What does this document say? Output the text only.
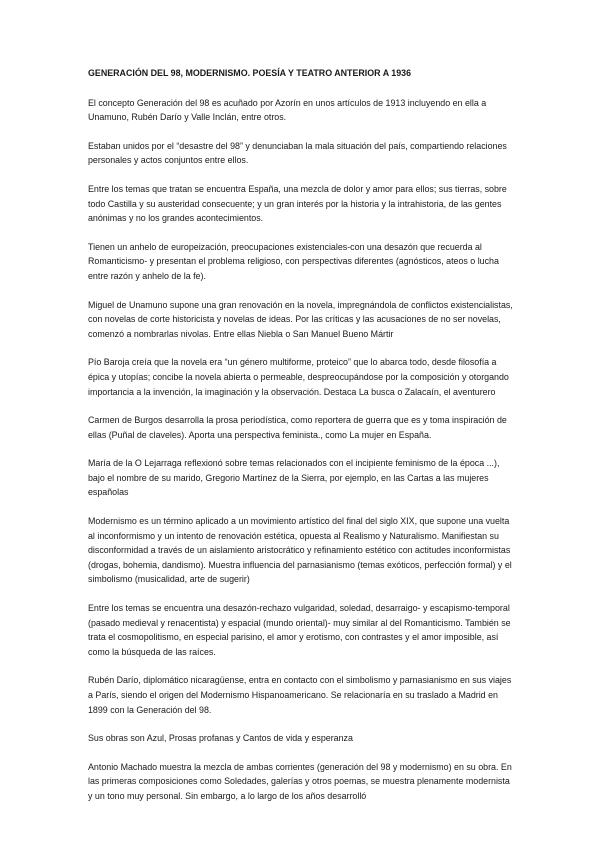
GENERACIÓN DEL 98, MODERNISMO. POESÍA Y TEATRO ANTERIOR A 1936

El concepto Generación del 98 es acuñado por Azorín en unos artículos de 1913 incluyendo en ella a Unamuno, Rubén Darío y Valle Inclán, entre otros.

Estaban unidos por el “desastre del 98” y denunciaban la mala situación del país, compartiendo relaciones personales y actos conjuntos entre ellos.

Entre los temas que tratan se encuentra España, una mezcla de dolor y amor para ellos; sus tierras, sobre todo Castilla y su austeridad consecuente; y un gran interés por la historia y la intrahistoria, de las gentes anónimas y no los grandes acontecimientos.

Tienen un anhelo de europeización, preocupaciones existenciales-con una desazón que recuerda al Romanticismo- y presentan el problema religioso, con perspectivas diferentes (agnósticos, ateos o lucha entre razón y anhelo de la fe).

Miguel de Unamuno supone una gran renovación en la novela, impregnándola de conflictos existencialistas, con novelas de corte historicista y novelas de ideas. Por las críticas y las acusaciones de no ser novelas, comenzó a nombrarlas nivolas. Entre ellas Niebla o San Manuel Bueno Mártir

Pío Baroja creía que la novela era “un género multiforme, proteico” que lo abarca todo, desde filosofía a épica y utopías; concibe la novela abierta o permeable, despreocupándose por la composición y otorgando importancia a la invención, la imaginación y la observación. Destaca La busca o Zalacaín, el aventurero

Carmen de Burgos desarrolla la prosa periodística, como reportera de guerra que es y toma inspiración de ellas (Puñal de claveles). Aporta una perspectiva feminista., como La mujer en España.

María de la O Lejarraga reflexionó sobre temas relacionados con el incipiente feminismo de la época ...), bajo el nombre de su marido, Gregorio Martínez de la Sierra, por ejemplo, en las Cartas a las mujeres españolas

Modernismo es un término aplicado a un movimiento artístico del final del siglo XIX, que supone una vuelta al inconformismo y un intento de renovación estética, opuesta al Realismo y Naturalismo. Manifiestan su disconformidad a través de un aislamiento aristocrático y refinamiento estético con actitudes inconformistas (drogas, bohemia, dandismo). Muestra influencia del parnasianismo (temas exóticos, perfección formal) y el simbolismo (musicalidad, arte de sugerir)

Entre los temas se encuentra una desazón-rechazo vulgaridad, soledad, desarraigo- y escapismo-temporal (pasado medieval y renacentista) y espacial (mundo oriental)- muy similar al del Romanticismo. También se trata el cosmopolitismo, en especial parisino, el amor y erotismo, con contrastes y el amor imposible, así como la búsqueda de las raíces.

Rubén Darío, diplomático nicaragüense, entra en contacto con el simbolismo y parnasianismo en sus viajes a París, siendo el origen del Modernismo Hispanoamericano. Se relacionaría en su traslado a Madrid en 1899 con la Generación del 98.

Sus obras son Azul, Prosas profanas y Cantos de vida y esperanza

Antonio Machado muestra la mezcla de ambas corrientes (generación del 98 y modernismo) en su obra. En las primeras composiciones como Soledades, galerías y otros poemas, se muestra plenamente modernista y un tono muy personal. Sin embargo, a lo largo de los años desarrolló
